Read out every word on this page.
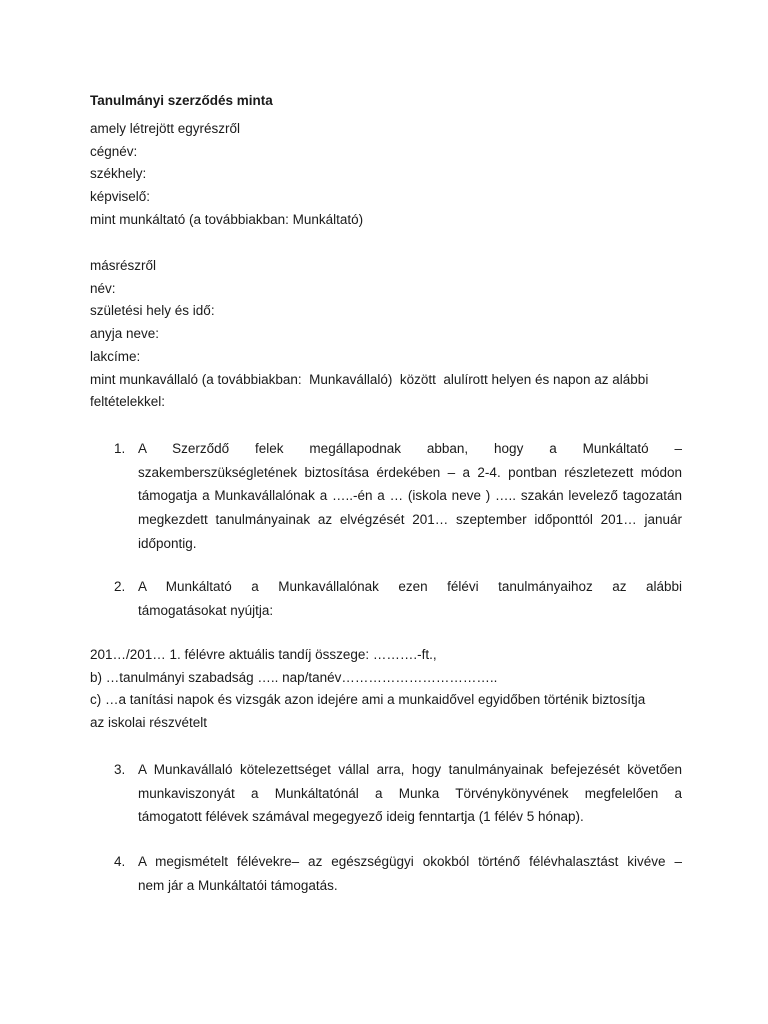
Tanulmányi szerződés minta
amely létrejött egyrészről
cégnév:
székhely:
képviselő:
mint munkáltató (a továbbiakban: Munkáltató)
másrészről
név:
születési hely és idő:
anyja neve:
lakcíme:
mint munkavállaló (a továbbiakban:  Munkavállaló)  között  alulírott helyen és napon az alábbi
feltételekkel:
1. A Szerződő felek megállapodnak abban, hogy a Munkáltató –
szakemberszükségletének biztosítása érdekében – a 2-4. pontban részletezett módon
támogatja a Munkavállalónak a …..-én a … (iskola neve ) ….. szakán levelező tagozatán
megkezdett tanulmányainak az elvégzését 201… szeptember időponttól 201… január
időpontig.
2. A Munkáltató a Munkavállalónak ezen félévi tanulmányaihoz az alábbi
támogatásokat nyújtja:
201…/201… 1. félévre aktuális tandíj összege: ……….-ft.,
b) …tanulmányi szabadság ….. nap/tanév……………………………..
c) …a tanítási napok és vizsgák azon idejére ami a munkaidővel egyidőben történik biztosítja
az iskolai részvételt
3. A Munkavállaló kötelezettséget vállal arra, hogy tanulmányainak befejezését követően
munkaviszonyát a Munkáltatónál a Munka Törvénykönyvének megfelelően a
támogatott félévek számával megegyező ideig fenntartja (1 félév 5 hónap).
4. A megismételt félévekre– az egészségügyi okokból történő félévhalasztást kivéve –
nem jár a Munkáltatói támogatás.
